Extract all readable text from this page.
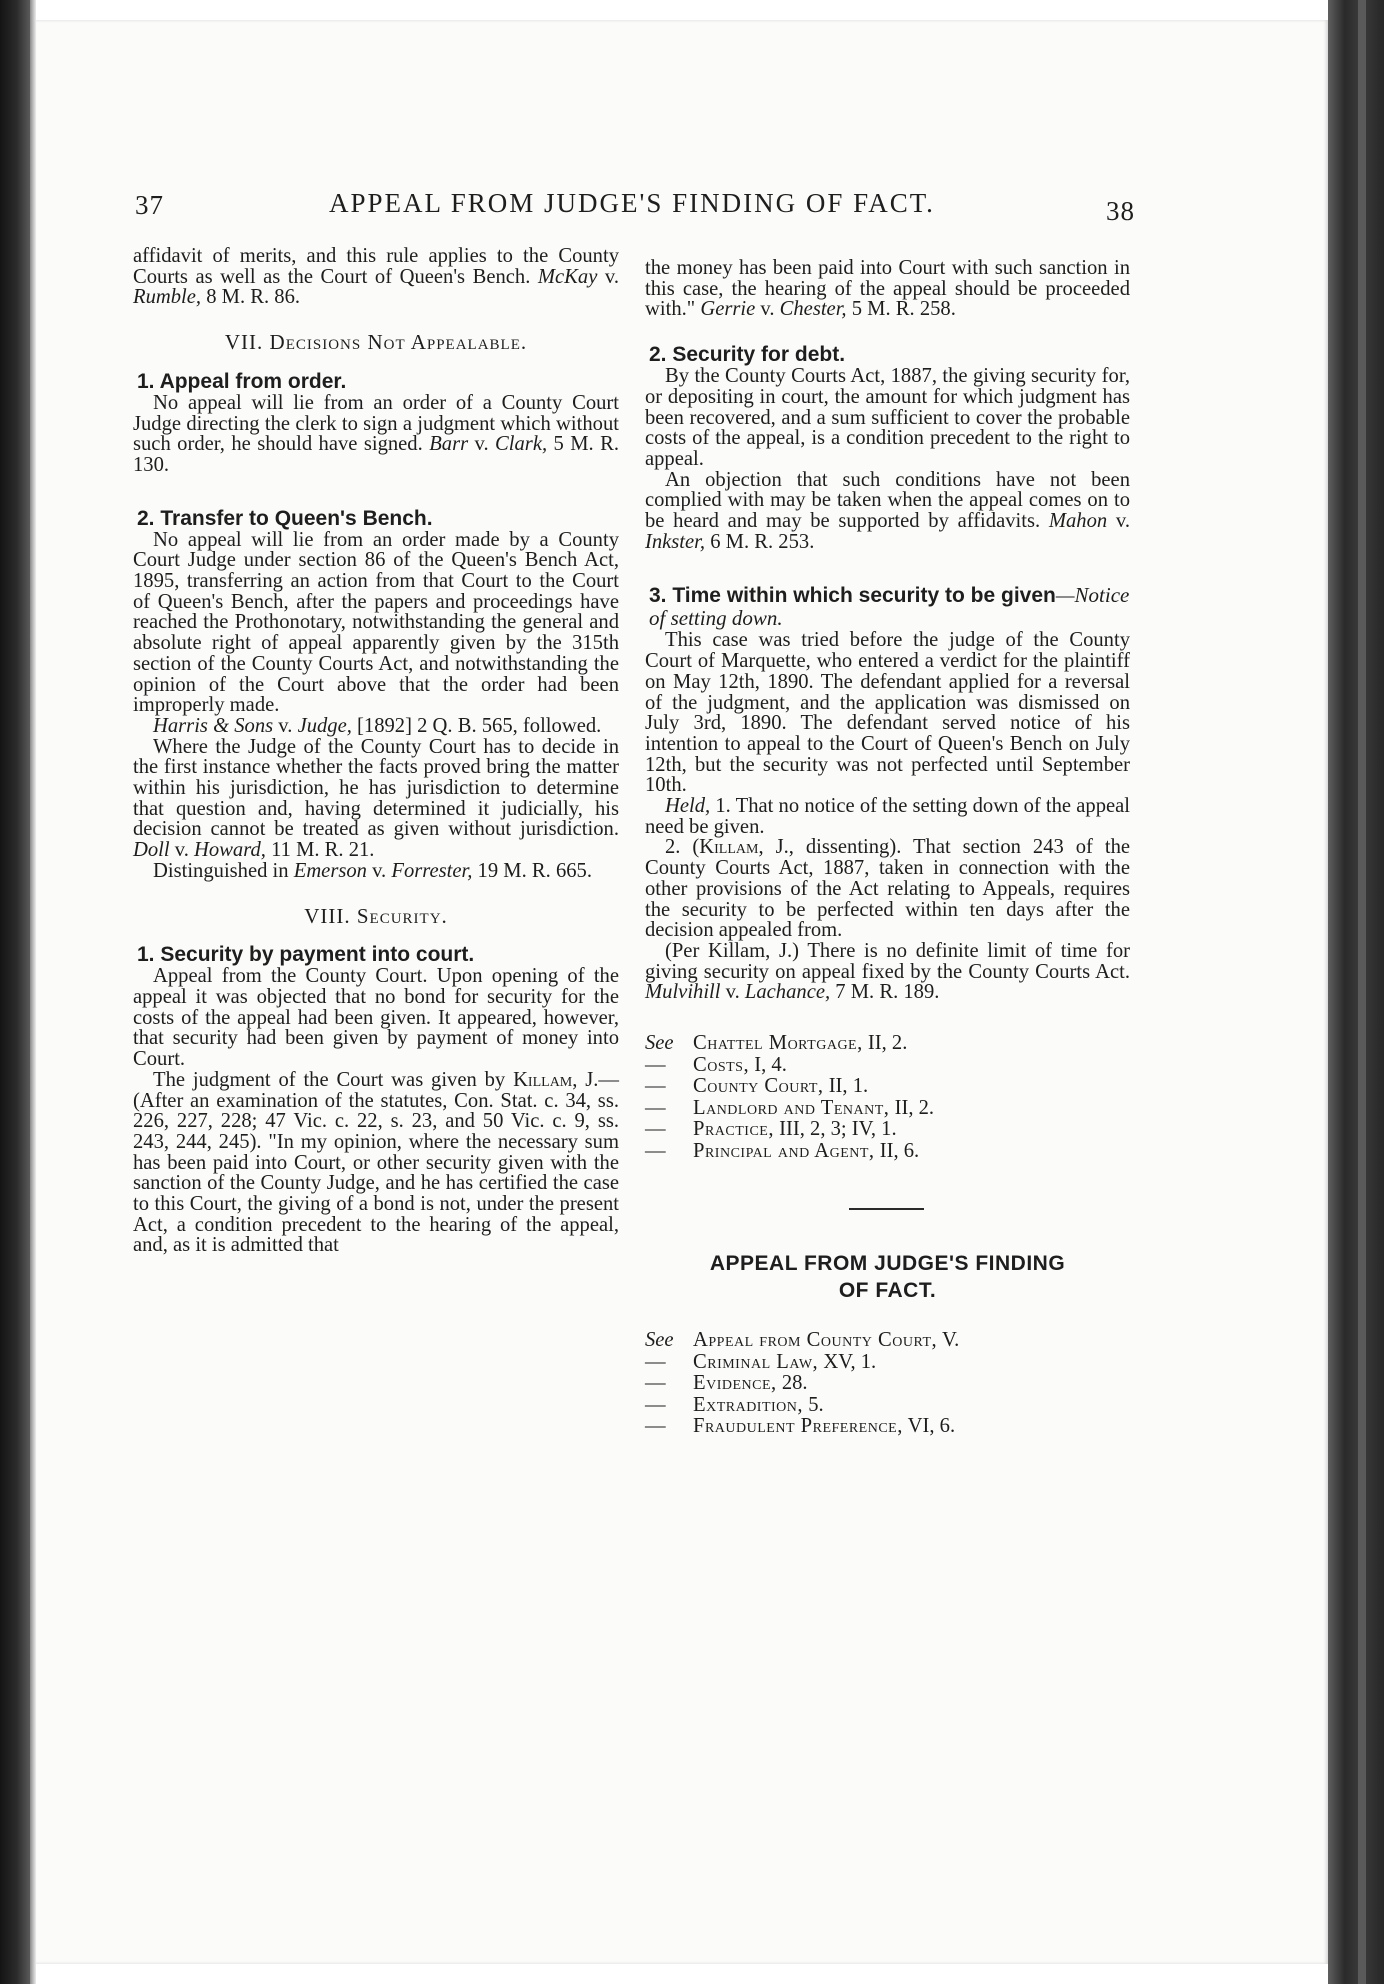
37	APPEAL FROM JUDGE'S FINDING OF FACT.	38

affidavit of merits, and this rule applies to the County Courts as well as the Court of Queen's Bench. McKay v. Rumble, 8 M. R. 86.

VII. Decisions Not Appealable.
1. Appeal from order.

No appeal will lie from an order of a County Court Judge directing the clerk to sign a judgment which without such order, he should have signed. Barr v. Clark, 5 M. R. 130.

2. Transfer to Queen's Bench.

No appeal will lie from an order made by a County Court Judge under section 86 of the Queen's Bench Act, 1895, transferring an action from that Court to the Court of Queen's Bench, after the papers and proceedings have reached the Prothonotary, notwithstanding the general and absolute right of appeal apparently given by the 315th section of the County Courts Act, and notwithstanding the opinion of the Court above that the order had been improperly made.

Harris & Sons v. Judge, [1892] 2 Q. B. 565, followed.

Where the Judge of the County Court has to decide in the first instance whether the facts proved bring the matter within his jurisdiction, he has jurisdiction to determine that question and, having determined it judicially, his decision cannot be treated as given without jurisdiction. Doll v. Howard, 11 M. R. 21.

Distinguished in Emerson v. Forrester, 19 M. R. 665.

VIII. Security.
1. Security by payment into court.

Appeal from the County Court. Upon opening of the appeal it was objected that no bond for security for the costs of the appeal had been given. It appeared, however, that security had been given by payment of money into Court.

The judgment of the Court was given by Killam, J.—(After an examination of the statutes, Con. Stat. c. 34, ss. 226, 227, 228; 47 Vic. c. 22, s. 23, and 50 Vic. c. 9, ss. 243, 244, 245). "In my opinion, where the necessary sum has been paid into Court, or other security given with the sanction of the County Judge, and he has certified the case to this Court, the giving of a bond is not, under the present Act, a condition precedent to the hearing of the appeal, and, as it is admitted that

the money has been paid into Court with such sanction in this case, the hearing of the appeal should be proceeded with." Gerrie v. Chester, 5 M. R. 258.

2. Security for debt.

By the County Courts Act, 1887, the giving security for, or depositing in court, the amount for which judgment has been recovered, and a sum sufficient to cover the probable costs of the appeal, is a condition precedent to the right to appeal.

An objection that such conditions have not been complied with may be taken when the appeal comes on to be heard and may be supported by affidavits. Mahon v. Inkster, 6 M. R. 253.

3. Time within which security to be given—Notice of setting down.

This case was tried before the judge of the County Court of Marquette, who entered a verdict for the plaintiff on May 12th, 1890. The defendant applied for a reversal of the judgment, and the application was dismissed on July 3rd, 1890. The defendant served notice of his intention to appeal to the Court of Queen's Bench on July 12th, but the security was not perfected until September 10th.

Held, 1. That no notice of the setting down of the appeal need be given.

2. (Killam, J., dissenting). That section 243 of the County Courts Act, 1887, taken in connection with the other provisions of the Act relating to Appeals, requires the security to be perfected within ten days after the decision appealed from.

(Per Killam, J.) There is no definite limit of time for giving security on appeal fixed by the County Courts Act. Mulvihill v. Lachance, 7 M. R. 189.

See Chattel Mortgage, II, 2.
— Costs, I, 4.
— County Court, II, 1.
— Landlord and Tenant, II, 2.
— Practice, III, 2, 3; IV, 1.
— Principal and Agent, II, 6.
APPEAL FROM JUDGE'S FINDING
OF FACT.
See Appeal from County Court, V.
— Criminal Law, XV, 1.
— Evidence, 28.
— Extradition, 5.
— Fraudulent Preference, VI, 6.
